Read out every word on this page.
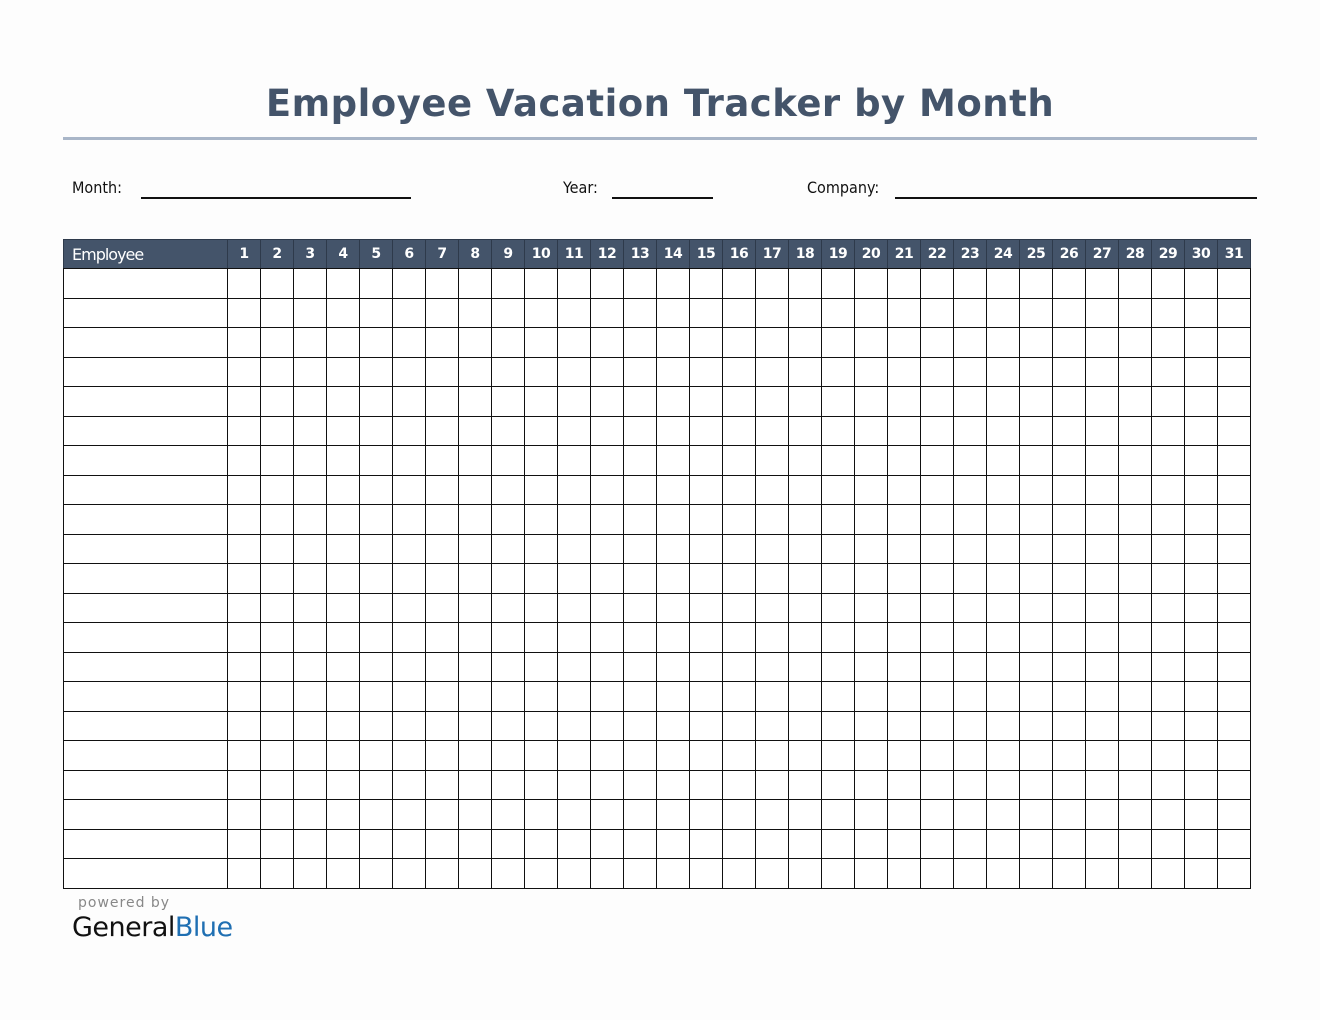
Employee Vacation Tracker by Month
Month:	Year:	Company:
Employee	1	2	3	4	5	6	7	8	9	10	11	12	13	14	15	16	17	18	19	20	21	22	23	24	25	26	27	28	29	30	31

powered by
GeneralBlue
